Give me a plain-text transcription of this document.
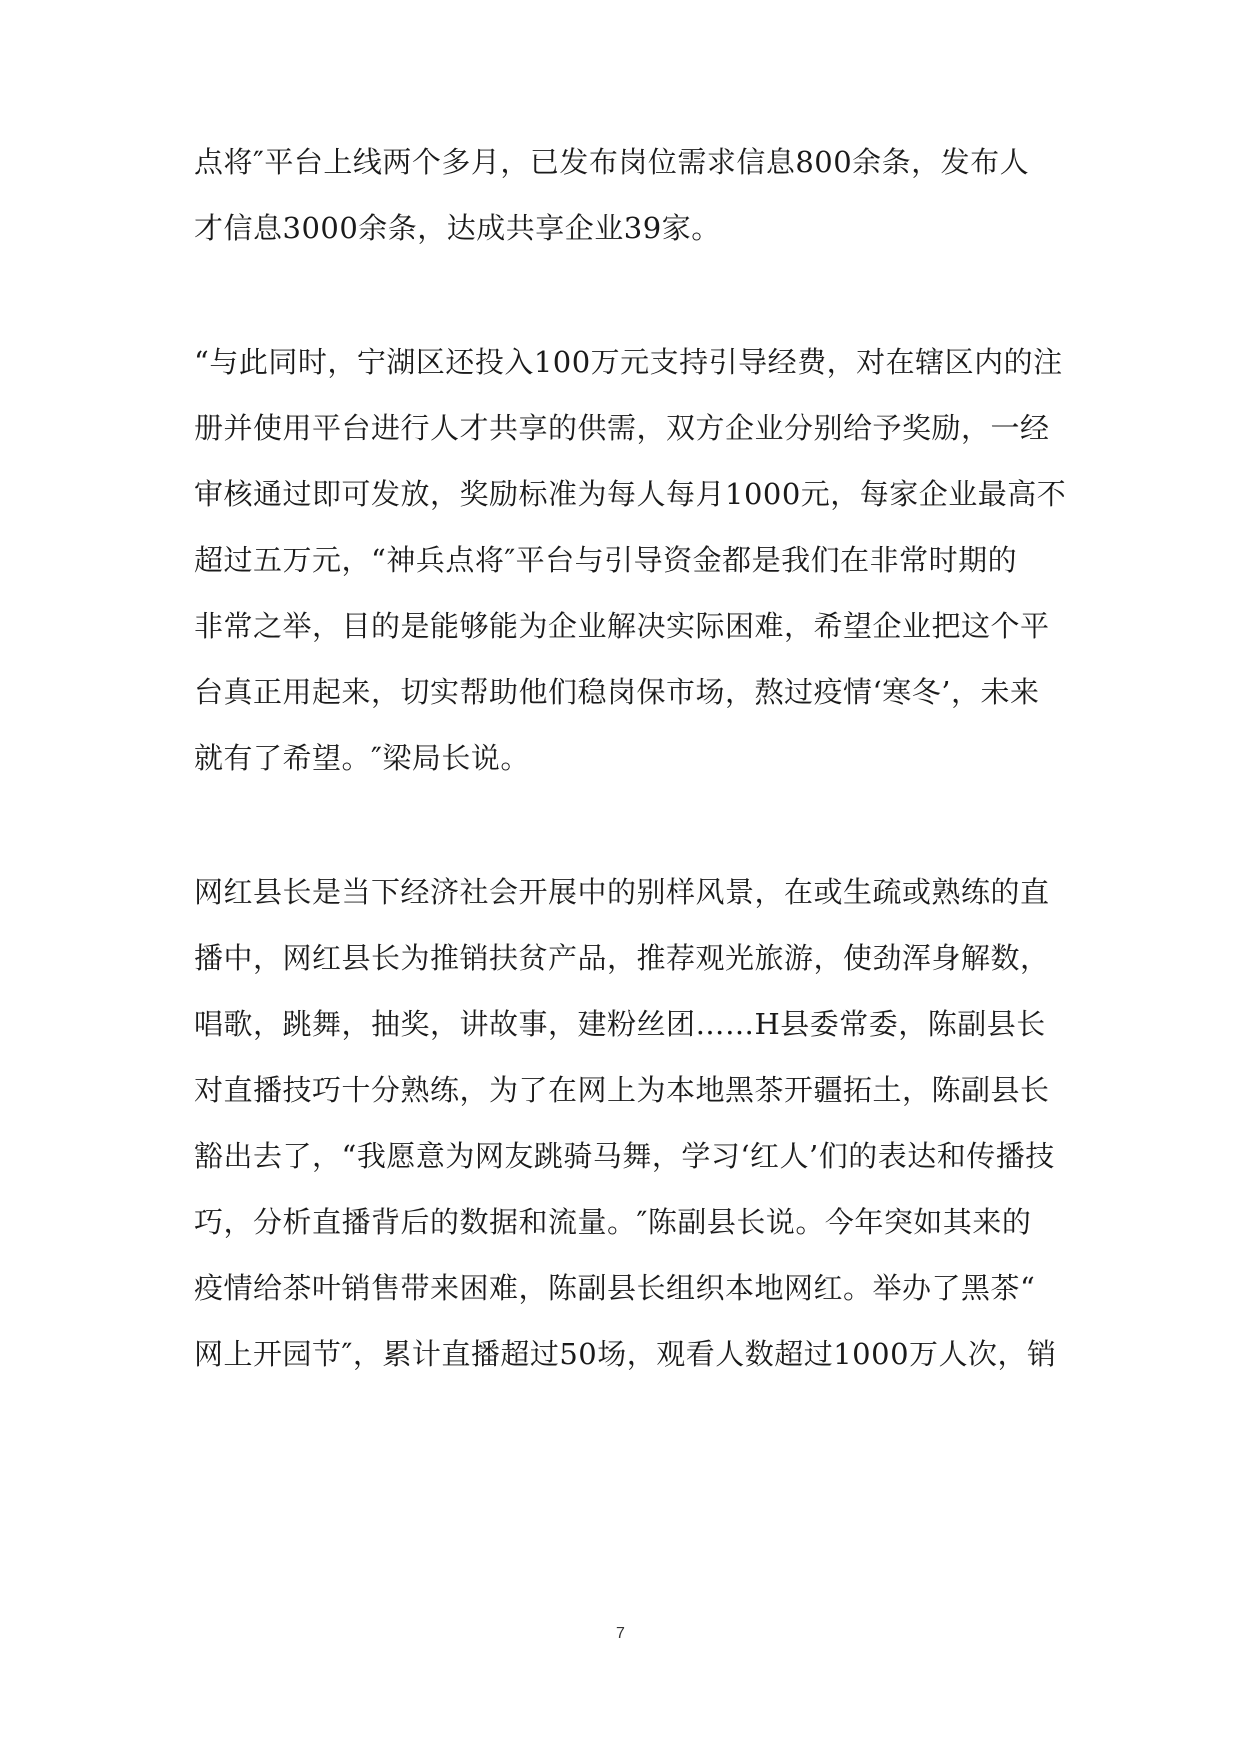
点将″平台上线两个多月，已发布岗位需求信息800余条，发布人
才信息3000余条，达成共享企业39家。
“与此同时，宁湖区还投入100万元支持引导经费，对在辖区内的注
册并使用平台进行人才共享的供需，双方企业分别给予奖励，一经
审核通过即可发放，奖励标准为每人每月1000元，每家企业最高不
超过五万元，“神兵点将″平台与引导资金都是我们在非常时期的
非常之举，目的是能够能为企业解决实际困难，希望企业把这个平
台真正用起来，切实帮助他们稳岗保市场，熬过疫情‘寒冬’，未来
就有了希望。″梁局长说。
网红县长是当下经济社会开展中的别样风景，在或生疏或熟练的直
播中，网红县长为推销扶贫产品，推荐观光旅游，使劲浑身解数，
唱歌，跳舞，抽奖，讲故事，建粉丝团……H县委常委，陈副县长
对直播技巧十分熟练，为了在网上为本地黑茶开疆拓土，陈副县长
豁出去了，“我愿意为网友跳骑马舞，学习‘红人’们的表达和传播技
巧，分析直播背后的数据和流量。″陈副县长说。今年突如其来的
疫情给茶叶销售带来困难，陈副县长组织本地网红。举办了黑茶“
网上开园节″，累计直播超过50场，观看人数超过1000万人次，销
7
